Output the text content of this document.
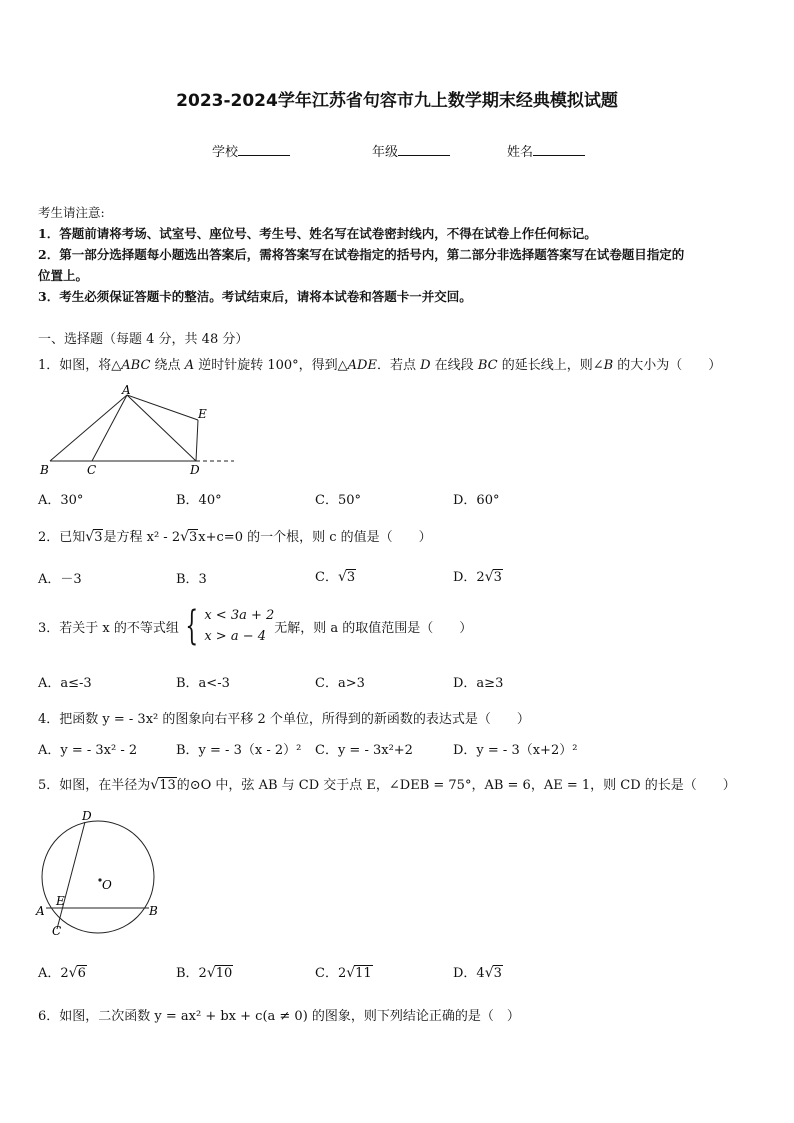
2023-2024学年江苏省句容市九上数学期末经典模拟试题
学校	年级	姓名
考生请注意:
1．答题前请将考场、试室号、座位号、考生号、姓名写在试卷密封线内，不得在试卷上作任何标记。
2．第一部分选择题每小题选出答案后，需将答案写在试卷指定的括号内，第二部分非选择题答案写在试卷题目指定的
位置上。
3．考生必须保证答题卡的整洁。考试结束后，请将本试卷和答题卡一并交回。
一、选择题（每题 4 分，共 48 分）
1．如图，将△ABC 绕点 A 逆时针旋转 100°，得到△ADE．若点 D 在线段 BC 的延长线上，则∠B 的大小为（　　）
A
E
B	C	D
A．30°	B．40°	C．50°	D．60°
2．已知√3是方程 x² - 2√3x+c=0 的一个根，则 c 的值是（　　）
A．－3	B．3	C．√3	D．2√3
3．若关于 x 的不等式组 { x < 3a + 2
x > a − 4
无解，则 a 的取值范围是（　　）
A．a≤-3	B．a<-3	C．a>3	D．a≥3
4．把函数 y = - 3x² 的图象向右平移 2 个单位，所得到的新函数的表达式是（　　）
A．y = - 3x² - 2	B．y = - 3（x - 2）² C．y = - 3x²+2	D．y = - 3（x+2）²
5．如图，在半径为√13的⊙O 中，弦 AB 与 CD 交于点 E，∠DEB = 75°，AB = 6，AE = 1，则 CD 的长是（　　）
D
O
E
A	B
C
A．2√6	B．2√10	C．2√11	D．4√3
6．如图，二次函数 y = ax² + bx + c(a ≠ 0) 的图象，则下列结论正确的是（　）
